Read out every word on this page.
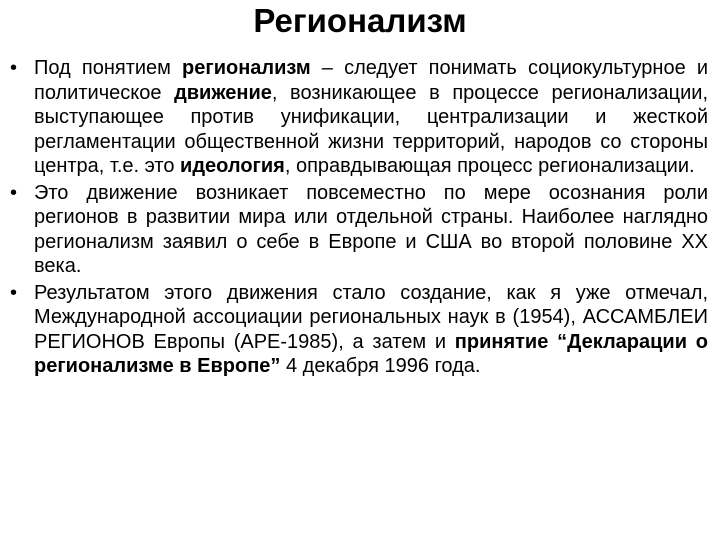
Регионализм
• Под понятием регионализм – следует понимать социокультурное и политическое движение, возникающее в процессе регионализации, выступающее против унификации, централизации и жесткой регламентации общественной жизни территорий, народов со стороны центра, т.е. это идеология, оправдывающая процесс регионализации.
• Это движение возникает повсеместно по мере осознания роли регионов в развитии мира или отдельной страны. Наиболее наглядно регионализм заявил о себе в Европе и США во второй половине XX века.
• Результатом этого движения стало создание, как я уже отмечал, Международной ассоциации региональных наук в (1954), АССАМБЛЕИ РЕГИОНОВ Европы (АРЕ-1985), а затем и принятие “Декларации о регионализме в Европе” 4 декабря 1996 года.
